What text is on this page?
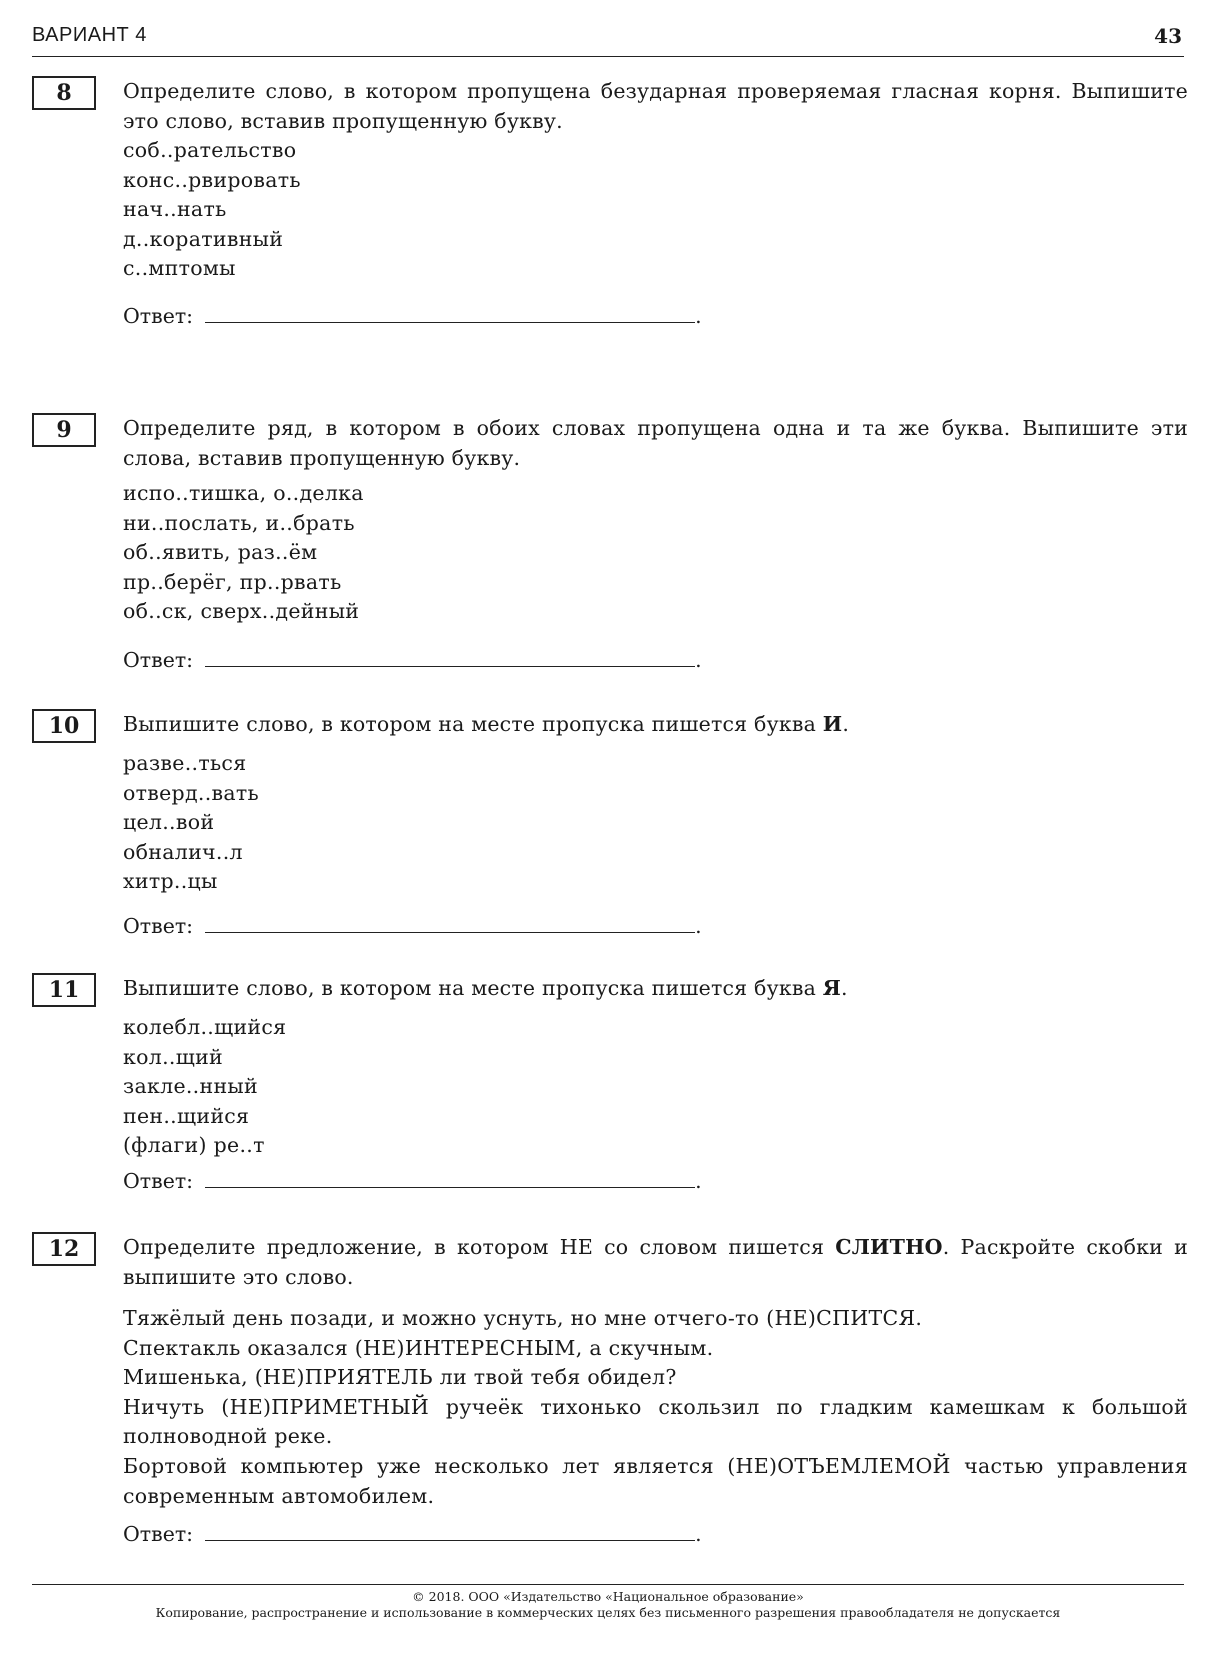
ВАРИАНТ 4	43
8	Определите слово, в котором пропущена безударная проверяемая гласная корня. Выпишите это слово, вставив пропущенную букву.
соб..рательство
конс..рвировать
нач..нать
д..коративный
с..мптомы
Ответ:	.
9	Определите ряд, в котором в обоих словах пропущена одна и та же буква. Выпишите эти слова, вставив пропущенную букву.
испо..тишка, о..делка
ни..послать, и..брать
об..явить, раз..ём
пр..берёг, пр..рвать
об..ск, сверх..дейный
Ответ:	.
10	Выпишите слово, в котором на месте пропуска пишется буква И.
разве..ться
отверд..вать
цел..вой
обналич..л
хитр..цы
Ответ:	.
11	Выпишите слово, в котором на месте пропуска пишется буква Я.
колебл..щийся
кол..щий
закле..нный
пен..щийся
(флаги) ре..т
Ответ:	.
12	Определите предложение, в котором НЕ со словом пишется СЛИТНО. Раскройте скобки и выпишите это слово.
Тяжёлый день позади, и можно уснуть, но мне отчего-то (НЕ)СПИТСЯ.
Спектакль оказался (НЕ)ИНТЕРЕСНЫМ, а скучным.
Мишенька, (НЕ)ПРИЯТЕЛЬ ли твой тебя обидел?
Ничуть (НЕ)ПРИМЕТНЫЙ ручеёк тихонько скользил по гладким камешкам к большой полноводной реке.
Бортовой компьютер уже несколько лет является (НЕ)ОТЪЕМЛЕМОЙ частью управления современным автомобилем.
Ответ:	.
© 2018. ООО «Издательство «Национальное образование»
Копирование, распространение и использование в коммерческих целях без письменного разрешения правообладателя не допускается
